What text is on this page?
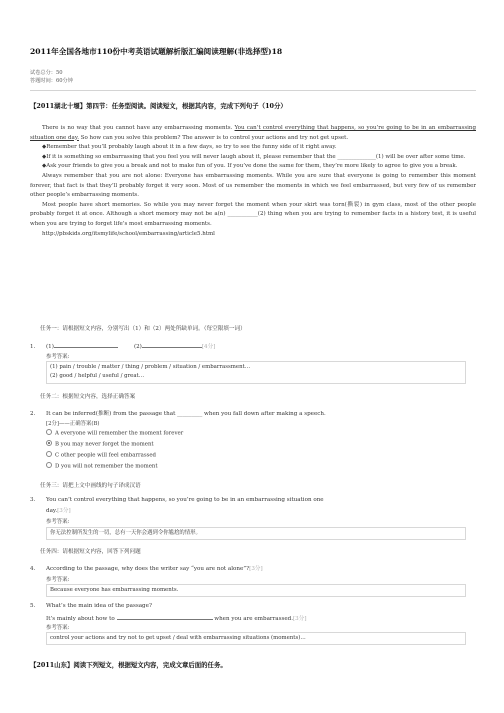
2011年全国各地市110份中考英语试题解析版汇编阅读理解(非选择型)18
试卷总分：50
答题时间：60分钟
【2011湖北十堰】第四节：任务型阅读。阅读短文，根据其内容，完成下列句子（10分）

There is no way that you cannot have any embarrassing moments. You can’t control everything that happens, so you’re going to be in an embarrassing situation one day. So how can you solve this problem? The answer is to control your actions and try not get upset.

◆Remember that you’ll probably laugh about it in a few days, so try to see the funny side of it right away.

◆If it is something so embarrassing that you feel you will never laugh about it, please remember that the ______________(1) will be over after some time.

◆Ask your friends to give you a break and not to make fun of you. If you’ve done the same for them, they’re more likely to agree to give you a break.

Always remember that you are not alone: Everyone has embarrassing moments. While you are sure that everyone is going to remember this moment forever, that fact is that they’ll probably forget it very soon. Most of us remember the moments in which we feel embarrassed, but very few of us remember other people’s embarrassing moments.

Most people have short memories. So while you may never forget the moment when your skirt was torn(撕裂) in gym class, most of the other people probably forget it at once. Although a short memory may not be a(n) ___________(2) thing when you are trying to remember facts in a history test, it is useful when you are trying to forget life’s most embarrassing moments.

http://pbskids.org/itsmylife/school/embarrassing/article5.html

任务一：请根据短文内容，分别写出（1）和（2）两处所缺单词。（每空限填一词）
1. (1)	(2)	[4分]
参考答案:
(1) pain / trouble / matter / thing / problem / situation / embarrassment…
(2) good / helpful / useful / great…
任务二：根据短文内容，选择正确答案
2. It can be inferred(推断) from the passage that _________ when you fall down after making a speech.
[2分]——正确答案(B)
A everyone will remember the moment forever
B you may never forget the moment
C other people will feel embarrassed
D you will not remember the moment
任务三：请把上文中画线的句子译成汉语
3. You can’t control everything that happens, so you’re going to be in an embarrassing situation one
day.[3分]
参考答案:
你无法控制所发生的一切，总有一天你会遇到令你尴尬的情形。
任务四：请根据短文内容，回答下列问题
4. According to the passage, why does the writer say “you are not alone”?[3分]
参考答案:
Because everyone has embarrassing moments.
5. What’s the main idea of the passage?
It’s mainly about how to	when you are embarrassed.[3分]
参考答案:
control your actions and try not to get upset / deal with embarrassing situations (moments)…
【2011山东】阅读下列短文，根据短文内容，完成文章后面的任务。
